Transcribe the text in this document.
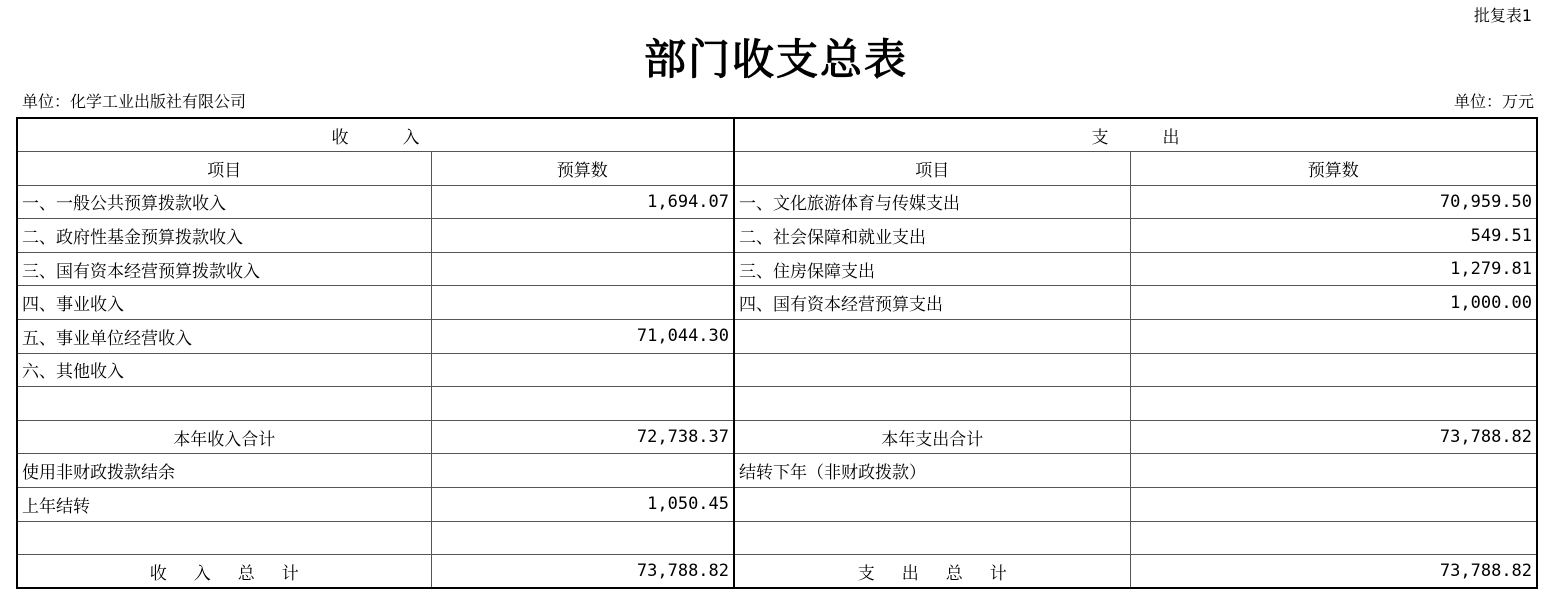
批复表1
部门收支总表
单位：化学工业出版社有限公司	单位：万元
收          入		支          出	
项目	预算数	项目	预算数
一、一般公共预算拨款收入	1,694.07	一、文化旅游体育与传媒支出	70,959.50
二、政府性基金预算拨款收入		二、社会保障和就业支出	549.51
三、国有资本经营预算拨款收入		三、住房保障支出	1,279.81
四、事业收入		四、国有资本经营预算支出	1,000.00
五、事业单位经营收入	71,044.30		
六、其他收入			

本年收入合计	72,738.37	本年支出合计	73,788.82
使用非财政拨款结余		结转下年（非财政拨款）	
上年结转	1,050.45		

收     入     总     计	73,788.82	支     出     总     计	73,788.82
